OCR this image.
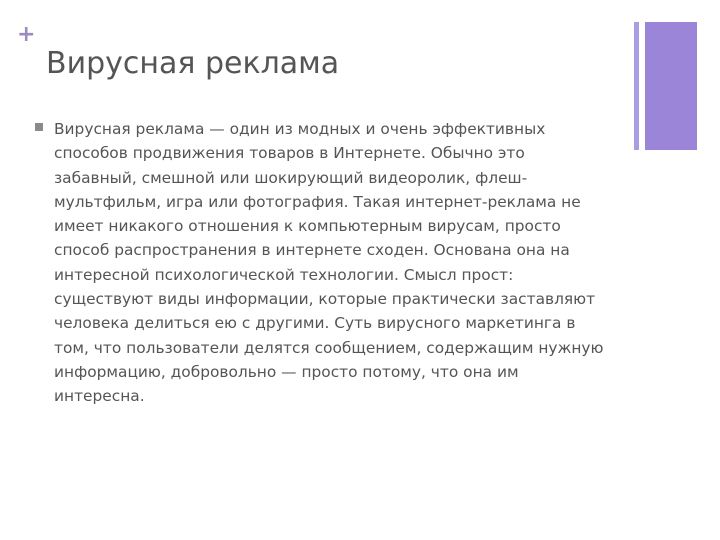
+
Вирусная реклама
Вирусная реклама — один из модных и очень эффективных
способов продвижения товаров в Интернете. Обычно это
забавный, смешной или шокирующий видеоролик, флеш-
мультфильм, игра или фотография. Такая интернет-реклама не
имеет никакого отношения к компьютерным вирусам, просто
способ распространения в интернете сходен. Основана она на
интересной психологической технологии. Смысл прост:
существуют виды информации, которые практически заставляют
человека делиться ею с другими. Суть вирусного маркетинга в
том, что пользователи делятся сообщением, содержащим нужную
информацию, добровольно — просто потому, что она им
интересна.
